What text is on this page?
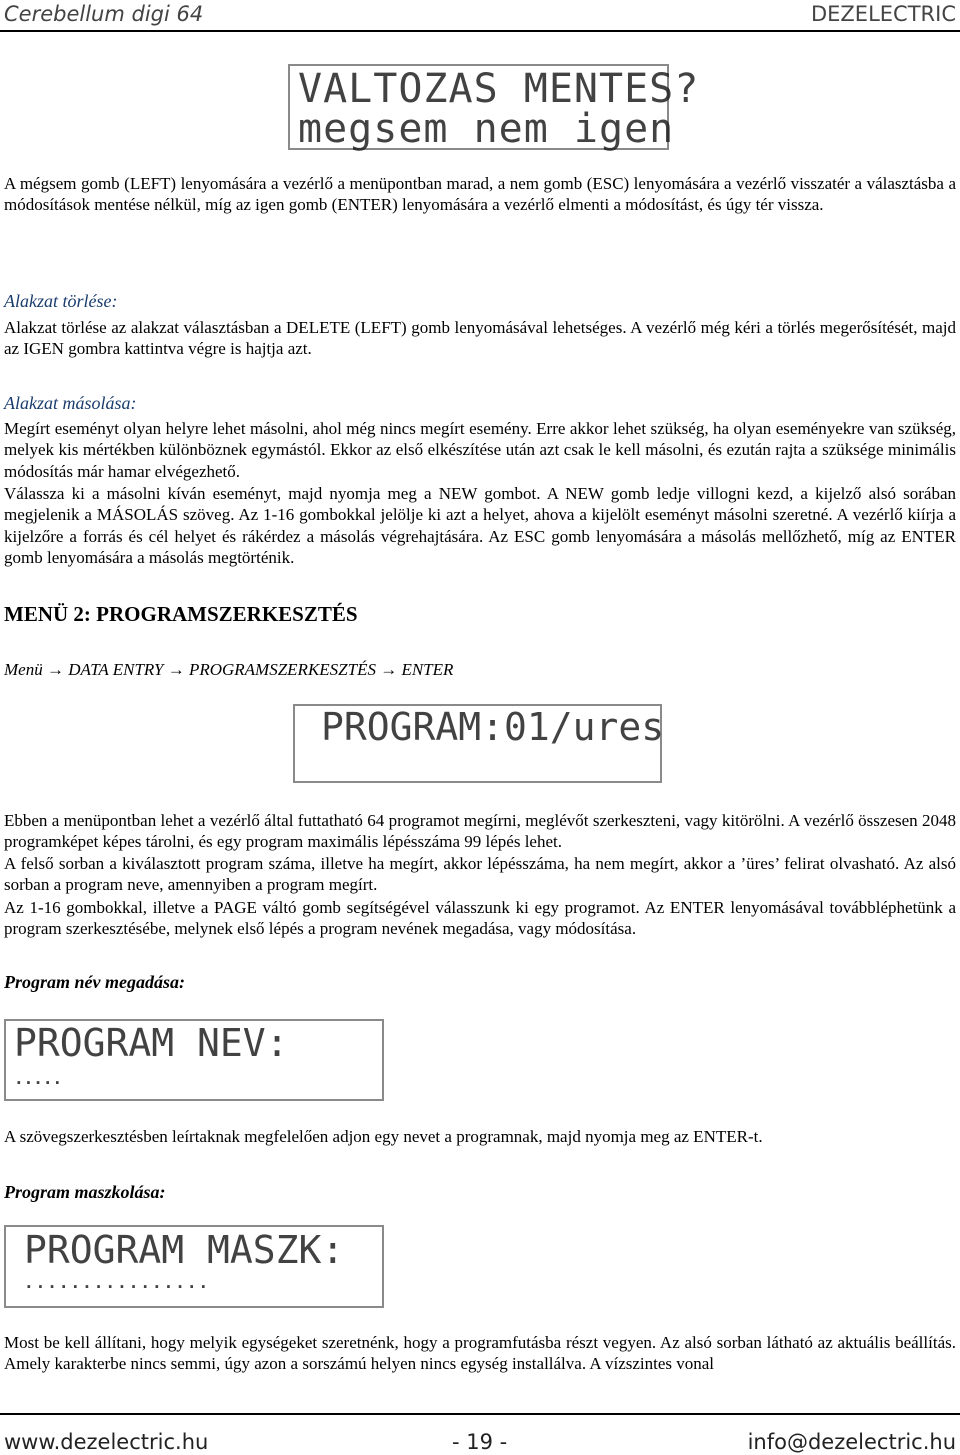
Cerebellum digi 64	DEZELECTRIC
VALTOZAS MENTES?
megsem nem igen

A mégsem gomb (LEFT) lenyomására a vezérlő a menüpontban marad, a nem gomb (ESC) lenyomására a vezérlő visszatér a választásba a módosítások mentése nélkül, míg az igen gomb (ENTER) lenyomására a vezérlő elmenti a módosítást, és úgy tér vissza.

Alakzat törlése:

Alakzat törlése az alakzat választásban a DELETE (LEFT) gomb lenyomásával lehetséges. A vezérlő még kéri a törlés megerősítését, majd az IGEN gombra kattintva végre is hajtja azt.

Alakzat másolása:

Megírt eseményt olyan helyre lehet másolni, ahol még nincs megírt esemény. Erre akkor lehet szükség, ha olyan eseményekre van szükség, melyek kis mértékben különböznek egymástól. Ekkor az első elkészítése után azt csak le kell másolni, és ezután rajta a szüksége minimális módosítás már hamar elvégezhető.

Válassza ki a másolni kíván eseményt, majd nyomja meg a NEW gombot. A NEW gomb ledje villogni kezd, a kijelző alsó sorában megjelenik a MÁSOLÁS szöveg. Az 1-16 gombokkal jelölje ki azt a helyet, ahova a kijelölt eseményt másolni szeretné. A vezérlő kiírja a kijelzőre a forrás és cél helyet és rákérdez a másolás végrehajtására. Az ESC gomb lenyomására a másolás mellőzhető, míg az ENTER gomb lenyomására a másolás megtörténik.

MENÜ 2: PROGRAMSZERKESZTÉS

Menü → DATA ENTRY → PROGRAMSZERKESZTÉS → ENTER

PROGRAM:01/ures

Ebben a menüpontban lehet a vezérlő által futtatható 64 programot megírni, meglévőt szerkeszteni, vagy kitörölni. A vezérlő összesen 2048 programképet képes tárolni, és egy program maximális lépésszáma 99 lépés lehet.

A felső sorban a kiválasztott program száma, illetve ha megírt, akkor lépésszáma, ha nem megírt, akkor a ’üres’ felirat olvasható. Az alsó sorban a program neve, amennyiben a program megírt.

Az 1-16 gombokkal, illetve a PAGE váltó gomb segítségével válasszunk ki egy programot. Az ENTER lenyomásával továbbléphetünk a program szerkesztésébe, melynek első lépés a program nevének megadása, vagy módosítása.

Program név megadása:

PROGRAM NEV:
.....

A szövegszerkesztésben leírtaknak megfelelően adjon egy nevet a programnak, majd nyomja meg az ENTER-t.

Program maszkolása:

PROGRAM MASZK:
................

Most be kell állítani, hogy melyik egységeket szeretnénk, hogy a programfutásba részt vegyen. Az alsó sorban látható az aktuális beállítás. Amely karakterbe nincs semmi, úgy azon a sorszámú helyen nincs egység installálva. A vízszintes vonal

www.dezelectric.hu	- 19 -	info@dezelectric.hu
